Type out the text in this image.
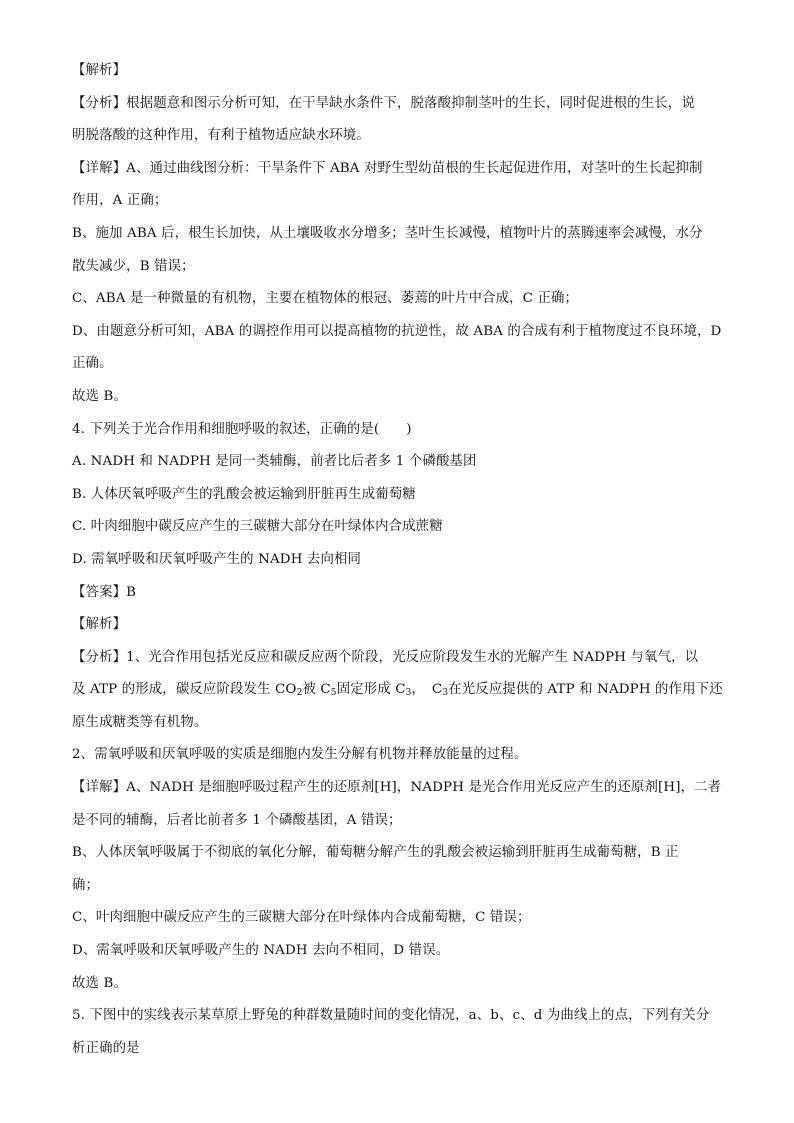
【解析】
【分析】根据题意和图示分析可知，在干旱缺水条件下，脱落酸抑制茎叶的生长，同时促进根的生长，说
明脱落酸的这种作用，有利于植物适应缺水环境。
【详解】A、通过曲线图分析：干旱条件下 ABA 对野生型幼苗根的生长起促进作用，对茎叶的生长起抑制
作用，A 正确；
B、施加 ABA 后，根生长加快，从土壤吸收水分增多；茎叶生长减慢，植物叶片的蒸腾速率会减慢，水分
散失减少，B 错误；
C、ABA 是一种微量的有机物，主要在植物体的根冠、萎蔫的叶片中合成，C 正确；
D、由题意分析可知，ABA 的调控作用可以提高植物的抗逆性，故 ABA 的合成有利于植物度过不良环境，D
正确。
故选 B。
4. 下列关于光合作用和细胞呼吸的叙述，正确的是(　　)
A. NADH 和 NADPH 是同一类辅酶，前者比后者多 1 个磷酸基团
B. 人体厌氧呼吸产生的乳酸会被运输到肝脏再生成葡萄糖
C. 叶肉细胞中碳反应产生的三碳糖大部分在叶绿体内合成蔗糖
D. 需氧呼吸和厌氧呼吸产生的 NADH 去向相同
【答案】B
【解析】
【分析】1、光合作用包括光反应和碳反应两个阶段，光反应阶段发生水的光解产生 NADPH 与氧气，以
及 ATP 的形成，碳反应阶段发生 $CO_2$被 $C_5$固定形成 $C_3$，　$C_3$在光反应提供的 ATP 和 NADPH 的作用下还
原生成糖类等有机物。
2、需氧呼吸和厌氧呼吸的实质是细胞内发生分解有机物并释放能量的过程。
【详解】A、NADH 是细胞呼吸过程产生的还原剂[H]，NADPH 是光合作用光反应产生的还原剂[H]，二者
是不同的辅酶，后者比前者多 1 个磷酸基团，A 错误；
B、人体厌氧呼吸属于不彻底的氧化分解，葡萄糖分解产生的乳酸会被运输到肝脏再生成葡萄糖，B 正
确；
C、叶肉细胞中碳反应产生的三碳糖大部分在叶绿体内合成葡萄糖，C 错误；
D、需氧呼吸和厌氧呼吸产生的 NADH 去向不相同，D 错误。
故选 B。
5. 下图中的实线表示某草原上野兔的种群数量随时间的变化情况，a、b、c、d 为曲线上的点，下列有关分
析正确的是
